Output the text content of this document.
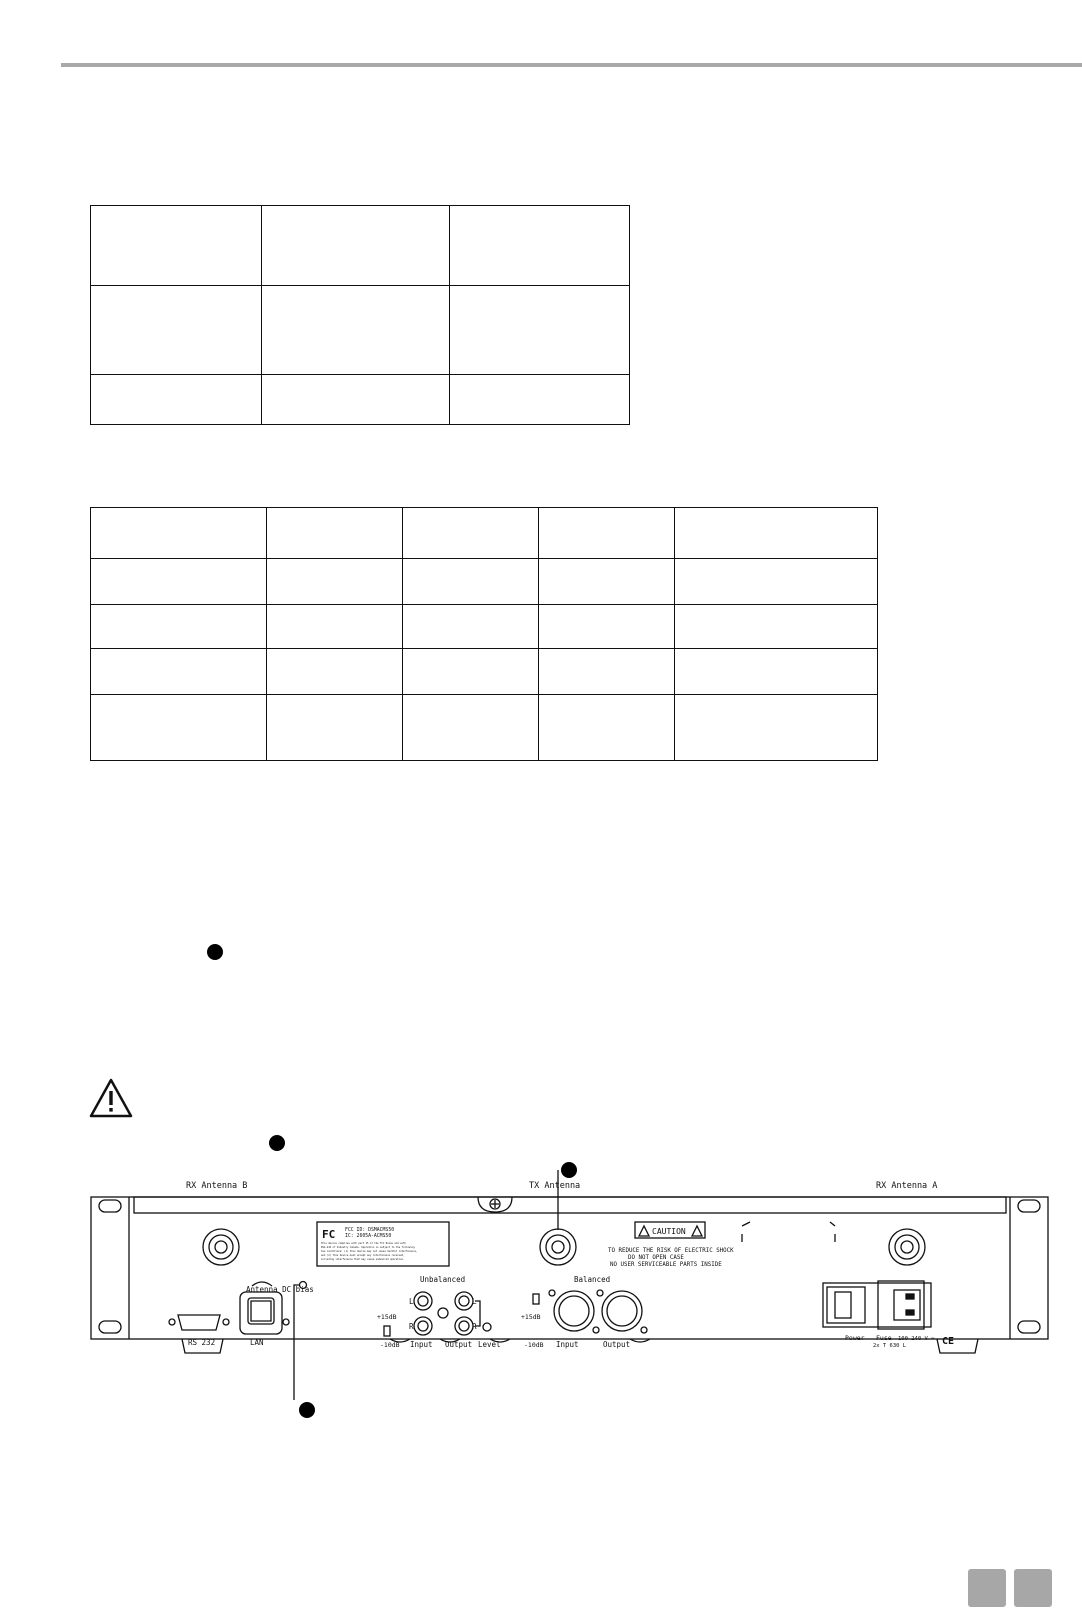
RX Antenna B	TX Antenna	RX Antenna A
Antenna DC bias
RS 232	LAN
Unbalanced	Balanced
L
R
L
R
+15dB
-10dB Input Output Level
+15dB
-10dB Input	Output
CAUTION
TO REDUCE THE RISK OF ELECTRIC SHOCK
DO NOT OPEN CASE
NO USER SERVICEABLE PARTS INSIDE
Power Fuse 100-240 V ~
2x T 630 L	CE
FC FCC ID: DSMACMS50
IC: 2605A-ACMS50
This device complies with part 15 of the FCC Rules and with
RSS-210 of Industry Canada. Operation is subject to the following
two conditions: (1) this device may not cause harmful interference,
and (2) this device must accept any interference received,
including interference that may cause undesired operation.
